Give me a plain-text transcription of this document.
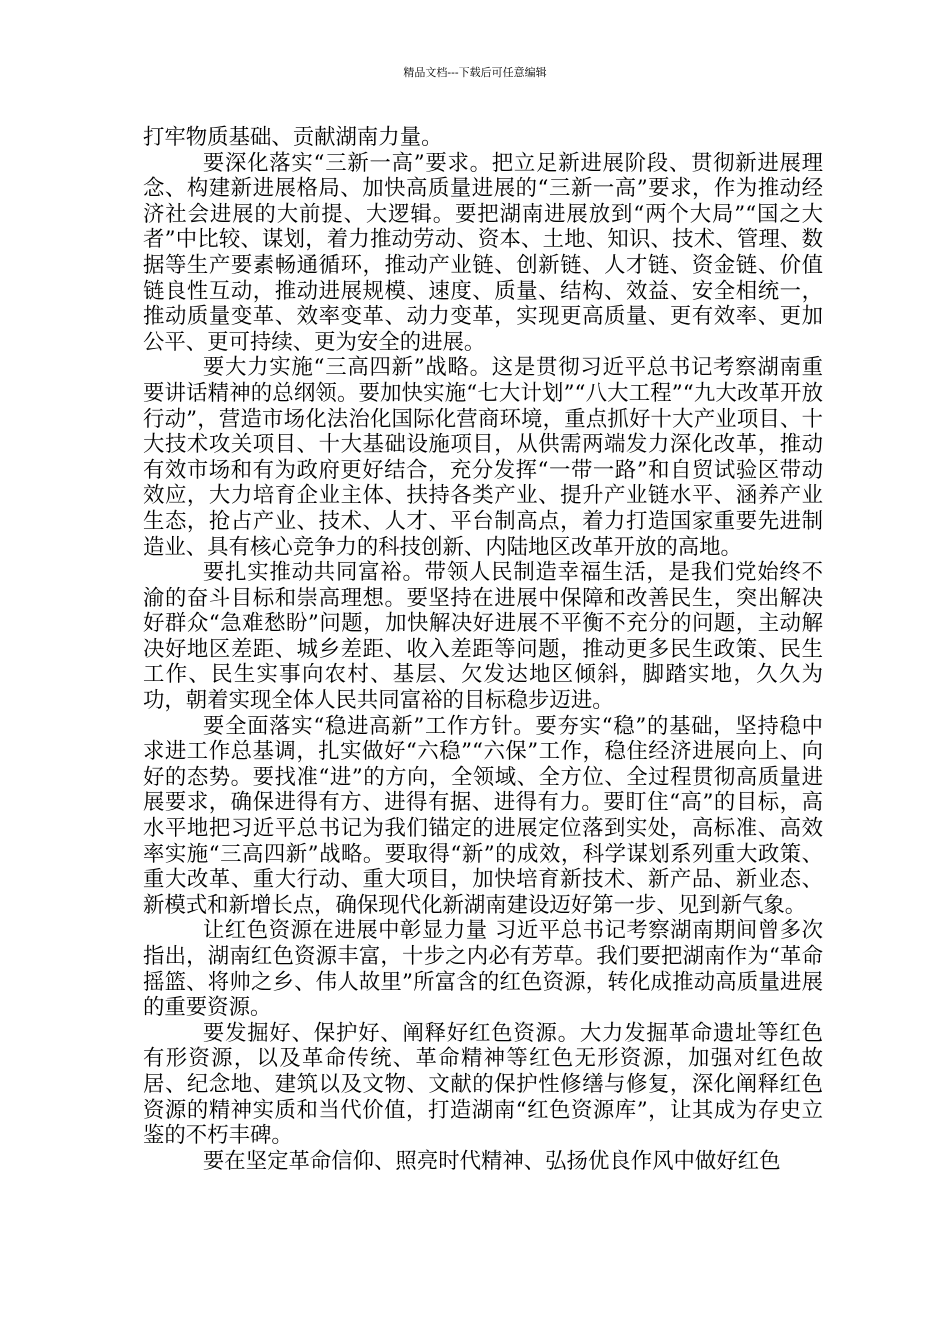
精品文档---下载后可任意编辑

打牢物质基础、贡献湖南力量。

要深化落实“三新一高”要求。把立足新进展阶段、贯彻新进展理念、构建新进展格局、加快高质量进展的“三新一高”要求，作为推动经济社会进展的大前提、大逻辑。要把湖南进展放到“两个大局”“国之大者”中比较、谋划，着力推动劳动、资本、土地、知识、技术、管理、数据等生产要素畅通循环，推动产业链、创新链、人才链、资金链、价值链良性互动，推动进展规模、速度、质量、结构、效益、安全相统一，推动质量变革、效率变革、动力变革，实现更高质量、更有效率、更加公平、更可持续、更为安全的进展。

要大力实施“三高四新”战略。这是贯彻习近平总书记考察湖南重要讲话精神的总纲领。要加快实施“七大计划”“八大工程”“九大改革开放行动”，营造市场化法治化国际化营商环境，重点抓好十大产业项目、十大技术攻关项目、十大基础设施项目，从供需两端发力深化改革，推动有效市场和有为政府更好结合，充分发挥“一带一路”和自贸试验区带动效应，大力培育企业主体、扶持各类产业、提升产业链水平、涵养产业生态，抢占产业、技术、人才、平台制高点，着力打造国家重要先进制造业、具有核心竞争力的科技创新、内陆地区改革开放的高地。

要扎实推动共同富裕。带领人民制造幸福生活，是我们党始终不渝的奋斗目标和崇高理想。要坚持在进展中保障和改善民生，突出解决好群众“急难愁盼”问题，加快解决好进展不平衡不充分的问题，主动解决好地区差距、城乡差距、收入差距等问题，推动更多民生政策、民生工作、民生实事向农村、基层、欠发达地区倾斜，脚踏实地，久久为功，朝着实现全体人民共同富裕的目标稳步迈进。

要全面落实“稳进高新”工作方针。要夯实“稳”的基础，坚持稳中求进工作总基调，扎实做好“六稳”“六保”工作，稳住经济进展向上、向好的态势。要找准“进”的方向，全领域、全方位、全过程贯彻高质量进展要求，确保进得有方、进得有据、进得有力。要盯住“高”的目标，高水平地把习近平总书记为我们锚定的进展定位落到实处，高标准、高效率实施“三高四新”战略。要取得“新”的成效，科学谋划系列重大政策、重大改革、重大行动、重大项目，加快培育新技术、新产品、新业态、新模式和新增长点，确保现代化新湖南建设迈好第一步、见到新气象。

让红色资源在进展中彰显力量 习近平总书记考察湖南期间曾多次指出，湖南红色资源丰富，十步之内必有芳草。我们要把湖南作为“革命摇篮、将帅之乡、伟人故里”所富含的红色资源，转化成推动高质量进展的重要资源。

要发掘好、保护好、阐释好红色资源。大力发掘革命遗址等红色有形资源，以及革命传统、革命精神等红色无形资源，加强对红色故居、纪念地、建筑以及文物、文献的保护性修缮与修复，深化阐释红色资源的精神实质和当代价值，打造湖南“红色资源库”，让其成为存史立鉴的不朽丰碑。

要在坚定革命信仰、照亮时代精神、弘扬优良作风中做好红色
